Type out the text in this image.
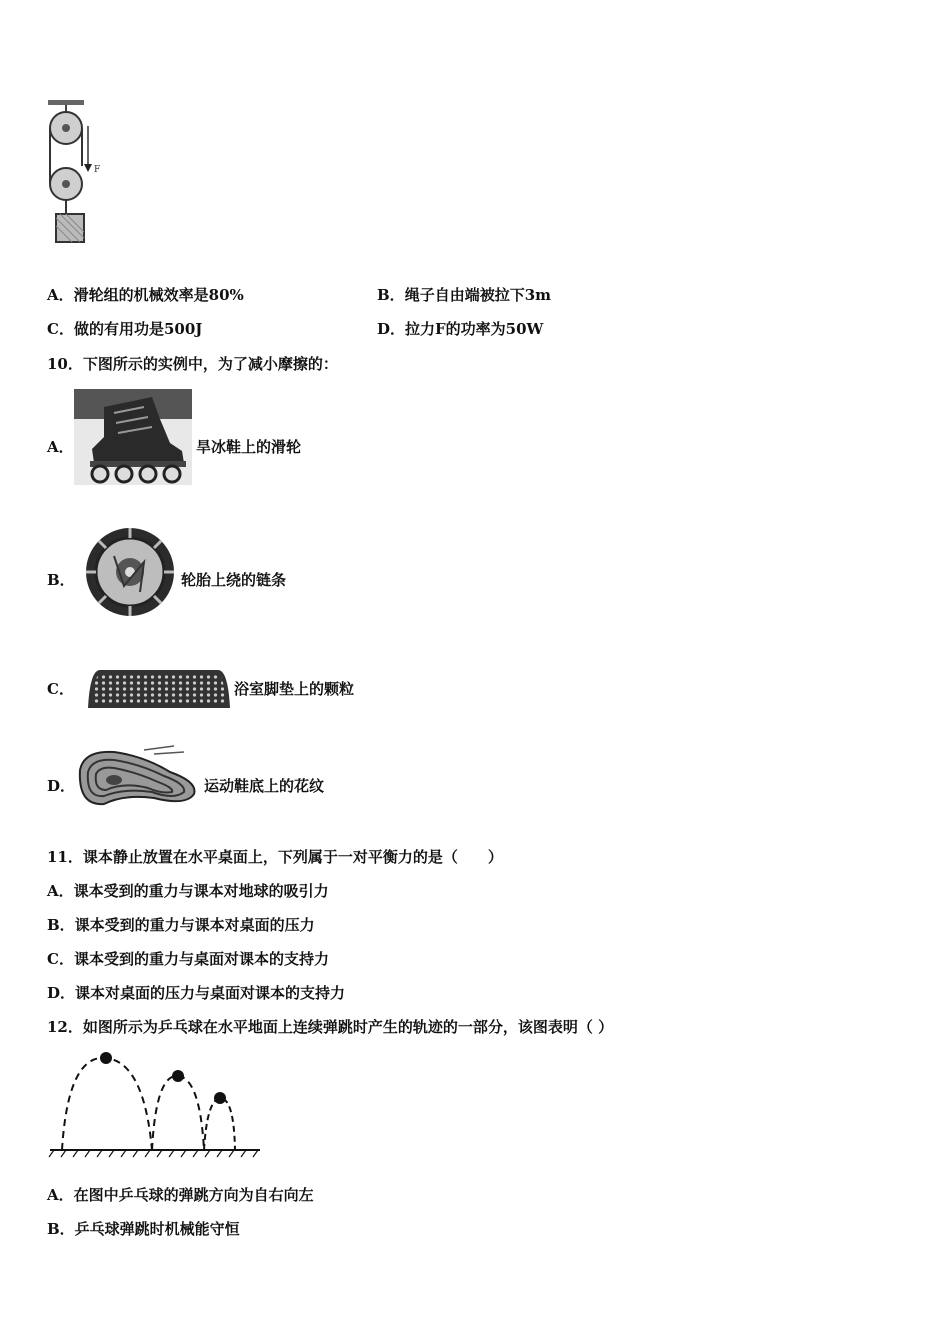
F
A．滑轮组的机械效率是80%	B．绳子自由端被拉下3m
C．做的有用功是500J	D．拉力F的功率为50W
10．下图所示的实例中，为了减小摩擦的：
A．	旱冰鞋上的滑轮
B．	轮胎上绕的链条
C．	浴室脚垫上的颗粒
D．	运动鞋底上的花纹
11．课本静止放置在水平桌面上，下列属于一对平衡力的是（　　）
A．课本受到的重力与课本对地球的吸引力
B．课本受到的重力与课本对桌面的压力
C．课本受到的重力与桌面对课本的支持力
D．课本对桌面的压力与桌面对课本的支持力
12．如图所示为乒乓球在水平地面上连续弹跳时产生的轨迹的一部分，该图表明（ ）
A．在图中乒乓球的弹跳方向为自右向左
B．乒乓球弹跳时机械能守恒
